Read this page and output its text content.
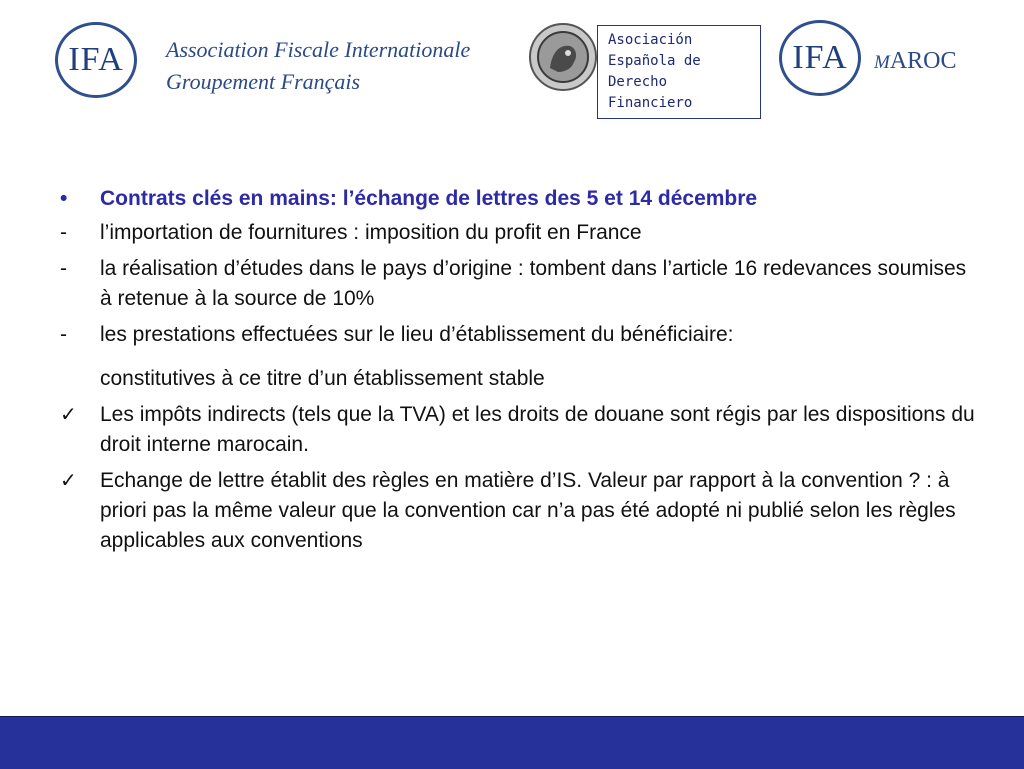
IFA Association Fiscale Internationale
Groupement Français
Asociación
Española de
Derecho
Financiero
IFA MAROC
•	Contrats clés en mains: l’échange de lettres des 5 et 14 décembre
-	l’importation de fournitures : imposition du profit en France
-	la réalisation d’études dans le pays d’origine : tombent dans l’article 16 redevances soumises à retenue à la source de 10%
-	les prestations effectuées sur le lieu d’établissement du bénéficiaire:
constitutives à ce titre d’un établissement stable
✓	Les impôts indirects (tels que la TVA) et les droits de douane sont régis par les dispositions du droit interne marocain.
✓	Echange de lettre établit des règles en matière d’IS. Valeur par rapport à la convention ? : à priori pas la même valeur que la convention car n’a pas été adopté ni publié selon les règles applicables aux conventions
